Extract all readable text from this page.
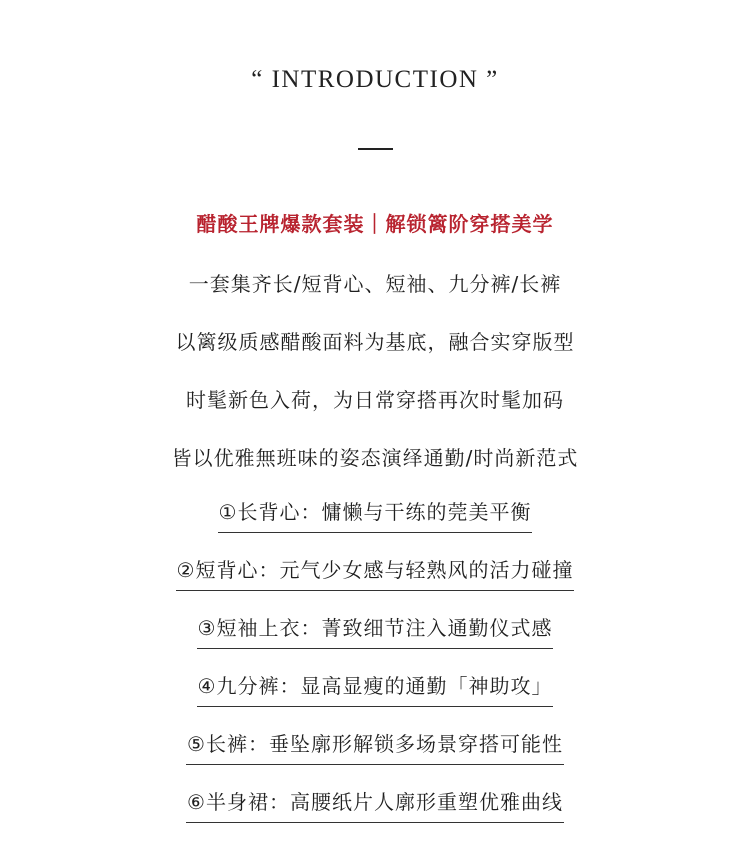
“ INTRODUCTION ”
醋酸王牌爆款套装｜解锁篱阶穿搭美学
一套集齐长/短背心、短袖、九分裤/长裤
以篱级质感醋酸面料为基底，融合实穿版型
时髦新色入荷，为日常穿搭再次时髦加码
皆以优雅無班味的姿态演绎通勤/时尚新范式
①长背心：慵懒与干练的莞美平衡
②短背心：元气少女感与轻熟风的活力碰撞
③短袖上衣：菁致细节注入通勤仪式感
④九分裤：显高显瘦的通勤「神助攻」
⑤长裤：垂坠廓形解锁多场景穿搭可能性
⑥半身裙：高腰纸片人廓形重塑优雅曲线
